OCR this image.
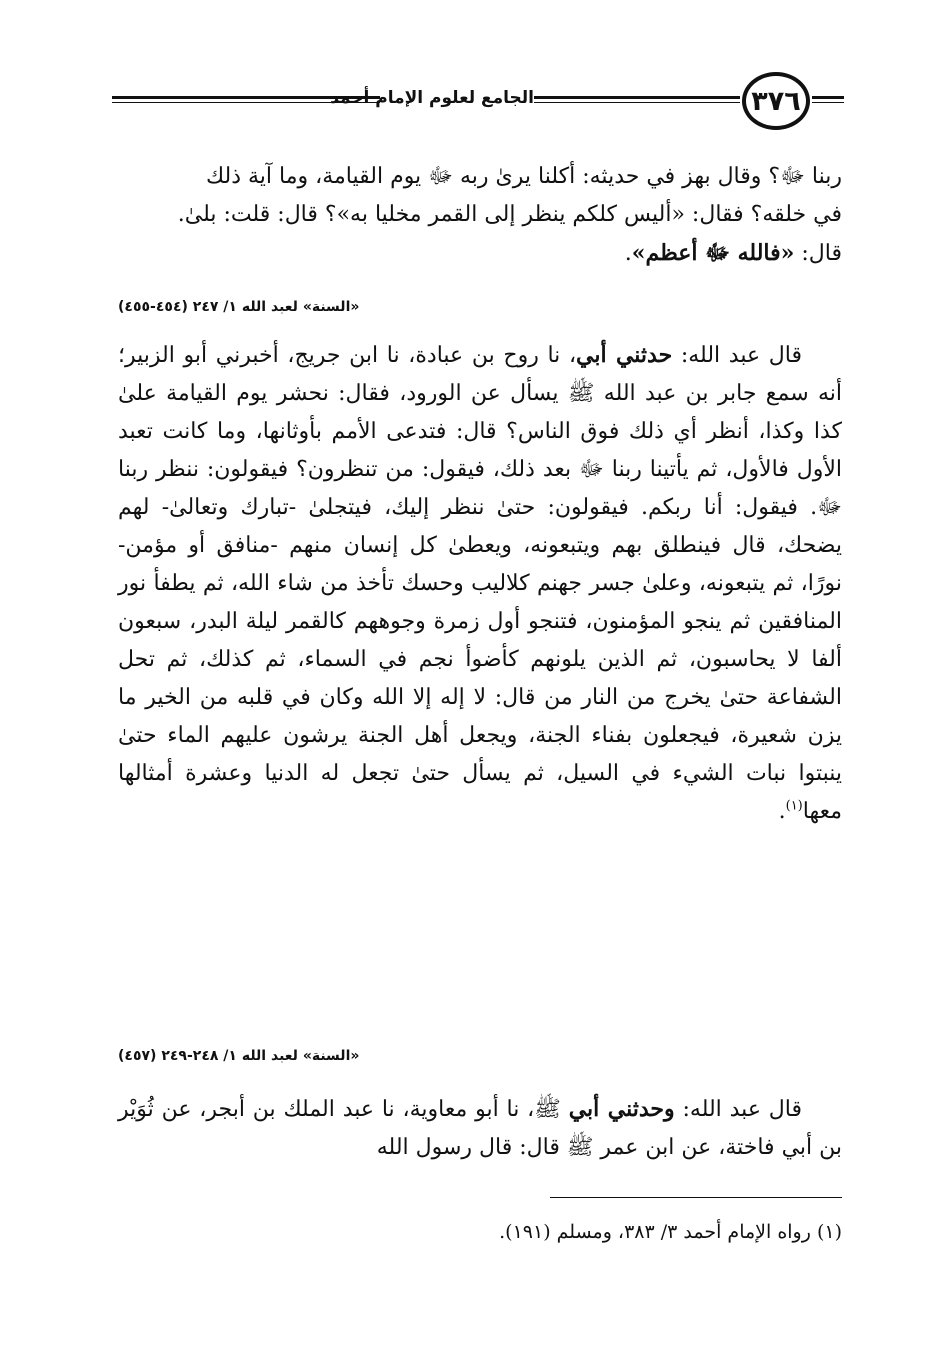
الجامع لعلوم الإمام أحمد	٣٧٦

ربنا ﷻ؟ وقال بهز في حديثه: أكلنا يرىٰ ربه ﷻ يوم القيامة، وما آية ذلك

في خلقه؟ فقال: «أليس كلكم ينظر إلى القمر مخليا به»؟ قال: قلت: بلىٰ.

قال: «فالله ﷻ أعظم».

«السنة» لعبد الله ١/ ٢٤٧ (٤٥٤-٤٥٥)

قال عبد الله: حدثني أبي، نا روح بن عبادة، نا ابن جريج، أخبرني أبو الزبير؛ أنه سمع جابر بن عبد الله ﷺ يسأل عن الورود، فقال: نحشر يوم القيامة علىٰ كذا وكذا، أنظر أي ذلك فوق الناس؟ قال: فتدعى الأمم بأوثانها، وما كانت تعبد الأول فالأول، ثم يأتينا ربنا ﷻ بعد ذلك، فيقول: من تنظرون؟ فيقولون: ننظر ربنا ﷻ. فيقول: أنا ربكم. فيقولون: حتىٰ ننظر إليك، فيتجلىٰ -تبارك وتعالىٰ- لهم يضحك، قال فينطلق بهم ويتبعونه، ويعطىٰ كل إنسان منهم -منافق أو مؤمن- نورًا، ثم يتبعونه، وعلىٰ جسر جهنم كلاليب وحسك تأخذ من شاء الله، ثم يطفأ نور المنافقين ثم ينجو المؤمنون، فتنجو أول زمرة وجوههم كالقمر ليلة البدر، سبعون ألفا لا يحاسبون، ثم الذين يلونهم كأضوأ نجم في السماء، ثم كذلك، ثم تحل الشفاعة حتىٰ يخرج من النار من قال: لا إله إلا الله وكان في قلبه من الخير ما يزن شعيرة، فيجعلون بفناء الجنة، ويجعل أهل الجنة يرشون عليهم الماء حتىٰ ينبتوا نبات الشيء في السيل، ثم يسأل حتىٰ تجعل له الدنيا وعشرة أمثالها معها$^{(١)}$.

«السنة» لعبد الله ١/ ٢٤٨-٢٤٩ (٤٥٧)

قال عبد الله: وحدثني أبي ﷺ، نا أبو معاوية، نا عبد الملك بن أبجر، عن ثُوَيْر بن أبي فاختة، عن ابن عمر ﷺ قال: قال رسول الله

(١) رواه الإمام أحمد ٣/ ٣٨٣، ومسلم (١٩١).
